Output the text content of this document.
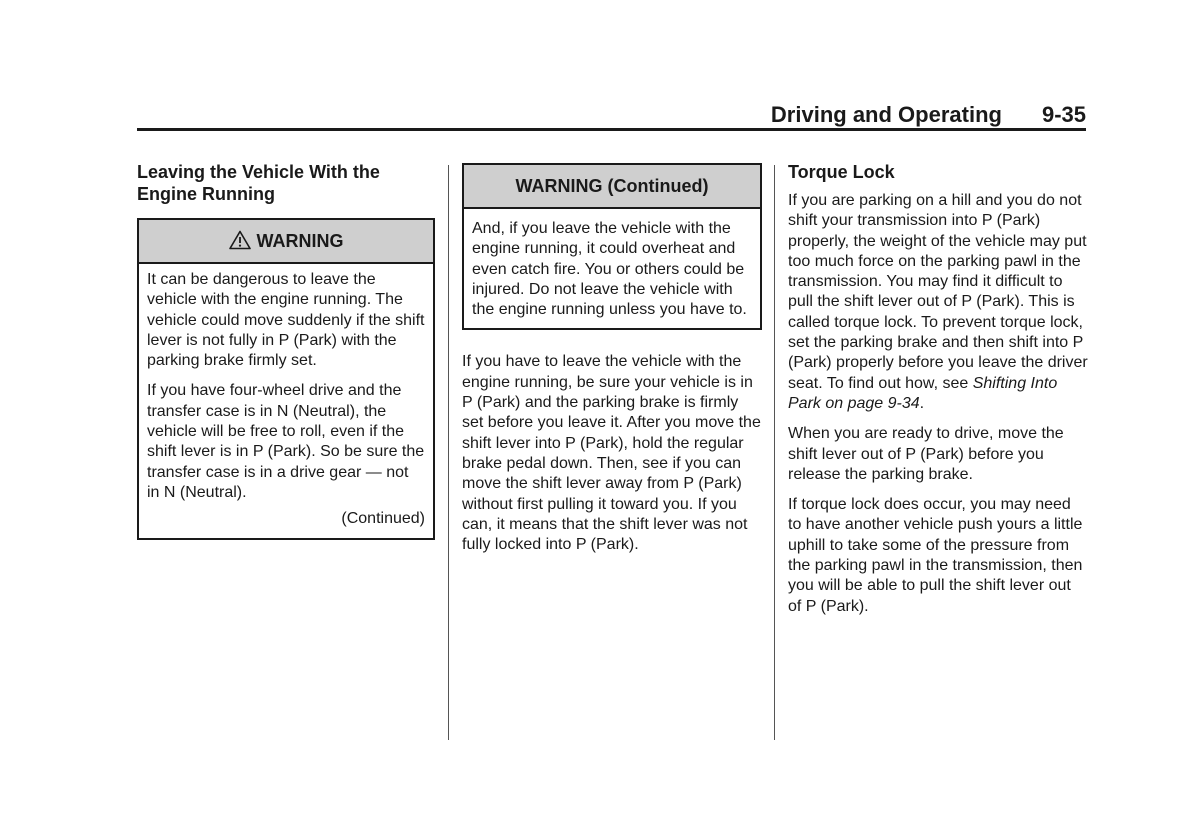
Driving and Operating 9-35
Leaving the Vehicle With the Engine Running
WARNING

It can be dangerous to leave the vehicle with the engine running. The vehicle could move suddenly if the shift lever is not fully in P (Park) with the parking brake firmly set.

If you have four-wheel drive and the transfer case is in N (Neutral), the vehicle will be free to roll, even if the shift lever is in P (Park). So be sure the transfer case is in a drive gear — not in N (Neutral).

(Continued)
WARNING (Continued)

And, if you leave the vehicle with the engine running, it could overheat and even catch fire. You or others could be injured. Do not leave the vehicle with the engine running unless you have to.

If you have to leave the vehicle with the engine running, be sure your vehicle is in P (Park) and the parking brake is firmly set before you leave it. After you move the shift lever into P (Park), hold the regular brake pedal down. Then, see if you can move the shift lever away from P (Park) without first pulling it toward you. If you can, it means that the shift lever was not fully locked into P (Park).

Torque Lock

If you are parking on a hill and you do not shift your transmission into P (Park) properly, the weight of the vehicle may put too much force on the parking pawl in the transmission. You may find it difficult to pull the shift lever out of P (Park). This is called torque lock. To prevent torque lock, set the parking brake and then shift into P (Park) properly before you leave the driver seat. To find out how, see Shifting Into Park on page 9-34.

When you are ready to drive, move the shift lever out of P (Park) before you release the parking brake.

If torque lock does occur, you may need to have another vehicle push yours a little uphill to take some of the pressure from the parking pawl in the transmission, then you will be able to pull the shift lever out of P (Park).
